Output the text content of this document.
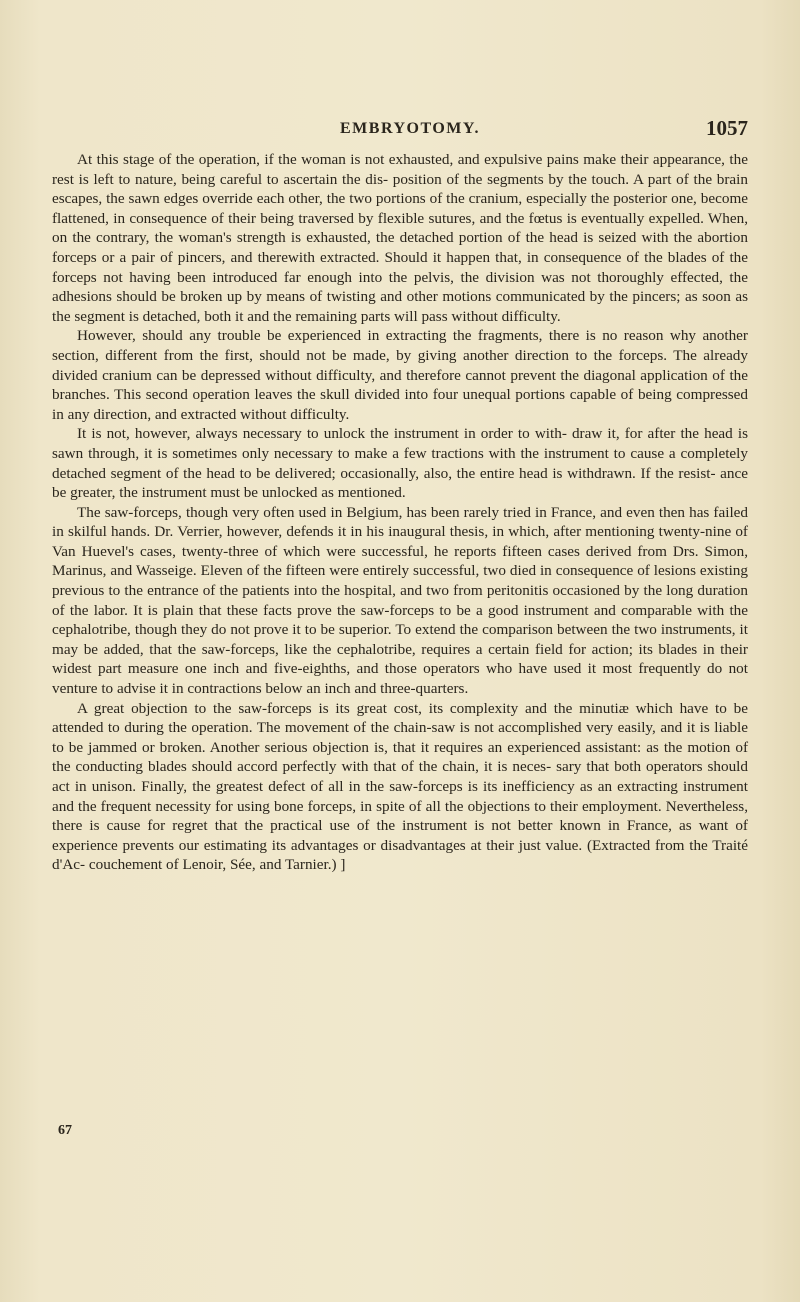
EMBRYOTOMY.	1057

At this stage of the operation, if the woman is not exhausted, and expulsive pains make their appearance, the rest is left to nature, being careful to ascertain the dis- position of the segments by the touch. A part of the brain escapes, the sawn edges override each other, the two portions of the cranium, especially the posterior one, become flattened, in consequence of their being traversed by flexible sutures, and the fœtus is eventually expelled. When, on the contrary, the woman's strength is exhausted, the detached portion of the head is seized with the abortion forceps or a pair of pincers, and therewith extracted. Should it happen that, in consequence of the blades of the forceps not having been introduced far enough into the pelvis, the division was not thoroughly effected, the adhesions should be broken up by means of twisting and other motions communicated by the pincers; as soon as the segment is detached, both it and the remaining parts will pass without difficulty.

However, should any trouble be experienced in extracting the fragments, there is no reason why another section, different from the first, should not be made, by giving another direction to the forceps. The already divided cranium can be depressed without difficulty, and therefore cannot prevent the diagonal application of the branches. This second operation leaves the skull divided into four unequal portions capable of being compressed in any direction, and extracted without difficulty.

It is not, however, always necessary to unlock the instrument in order to with- draw it, for after the head is sawn through, it is sometimes only necessary to make a few tractions with the instrument to cause a completely detached segment of the head to be delivered; occasionally, also, the entire head is withdrawn. If the resist- ance be greater, the instrument must be unlocked as mentioned.

The saw-forceps, though very often used in Belgium, has been rarely tried in France, and even then has failed in skilful hands. Dr. Verrier, however, defends it in his inaugural thesis, in which, after mentioning twenty-nine of Van Huevel's cases, twenty-three of which were successful, he reports fifteen cases derived from Drs. Simon, Marinus, and Wasseige. Eleven of the fifteen were entirely successful, two died in consequence of lesions existing previous to the entrance of the patients into the hospital, and two from peritonitis occasioned by the long duration of the labor. It is plain that these facts prove the saw-forceps to be a good instrument and comparable with the cephalotribe, though they do not prove it to be superior. To extend the comparison between the two instruments, it may be added, that the saw-forceps, like the cephalotribe, requires a certain field for action; its blades in their widest part measure one inch and five-eighths, and those operators who have used it most frequently do not venture to advise it in contractions below an inch and three-quarters.

A great objection to the saw-forceps is its great cost, its complexity and the minutiæ which have to be attended to during the operation. The movement of the chain-saw is not accomplished very easily, and it is liable to be jammed or broken. Another serious objection is, that it requires an experienced assistant: as the motion of the conducting blades should accord perfectly with that of the chain, it is neces- sary that both operators should act in unison. Finally, the greatest defect of all in the saw-forceps is its inefficiency as an extracting instrument and the frequent necessity for using bone forceps, in spite of all the objections to their employment. Nevertheless, there is cause for regret that the practical use of the instrument is not better known in France, as want of experience prevents our estimating its advantages or disadvantages at their just value. (Extracted from the Traité d'Ac- couchement of Lenoir, Sée, and Tarnier.) ]

67
